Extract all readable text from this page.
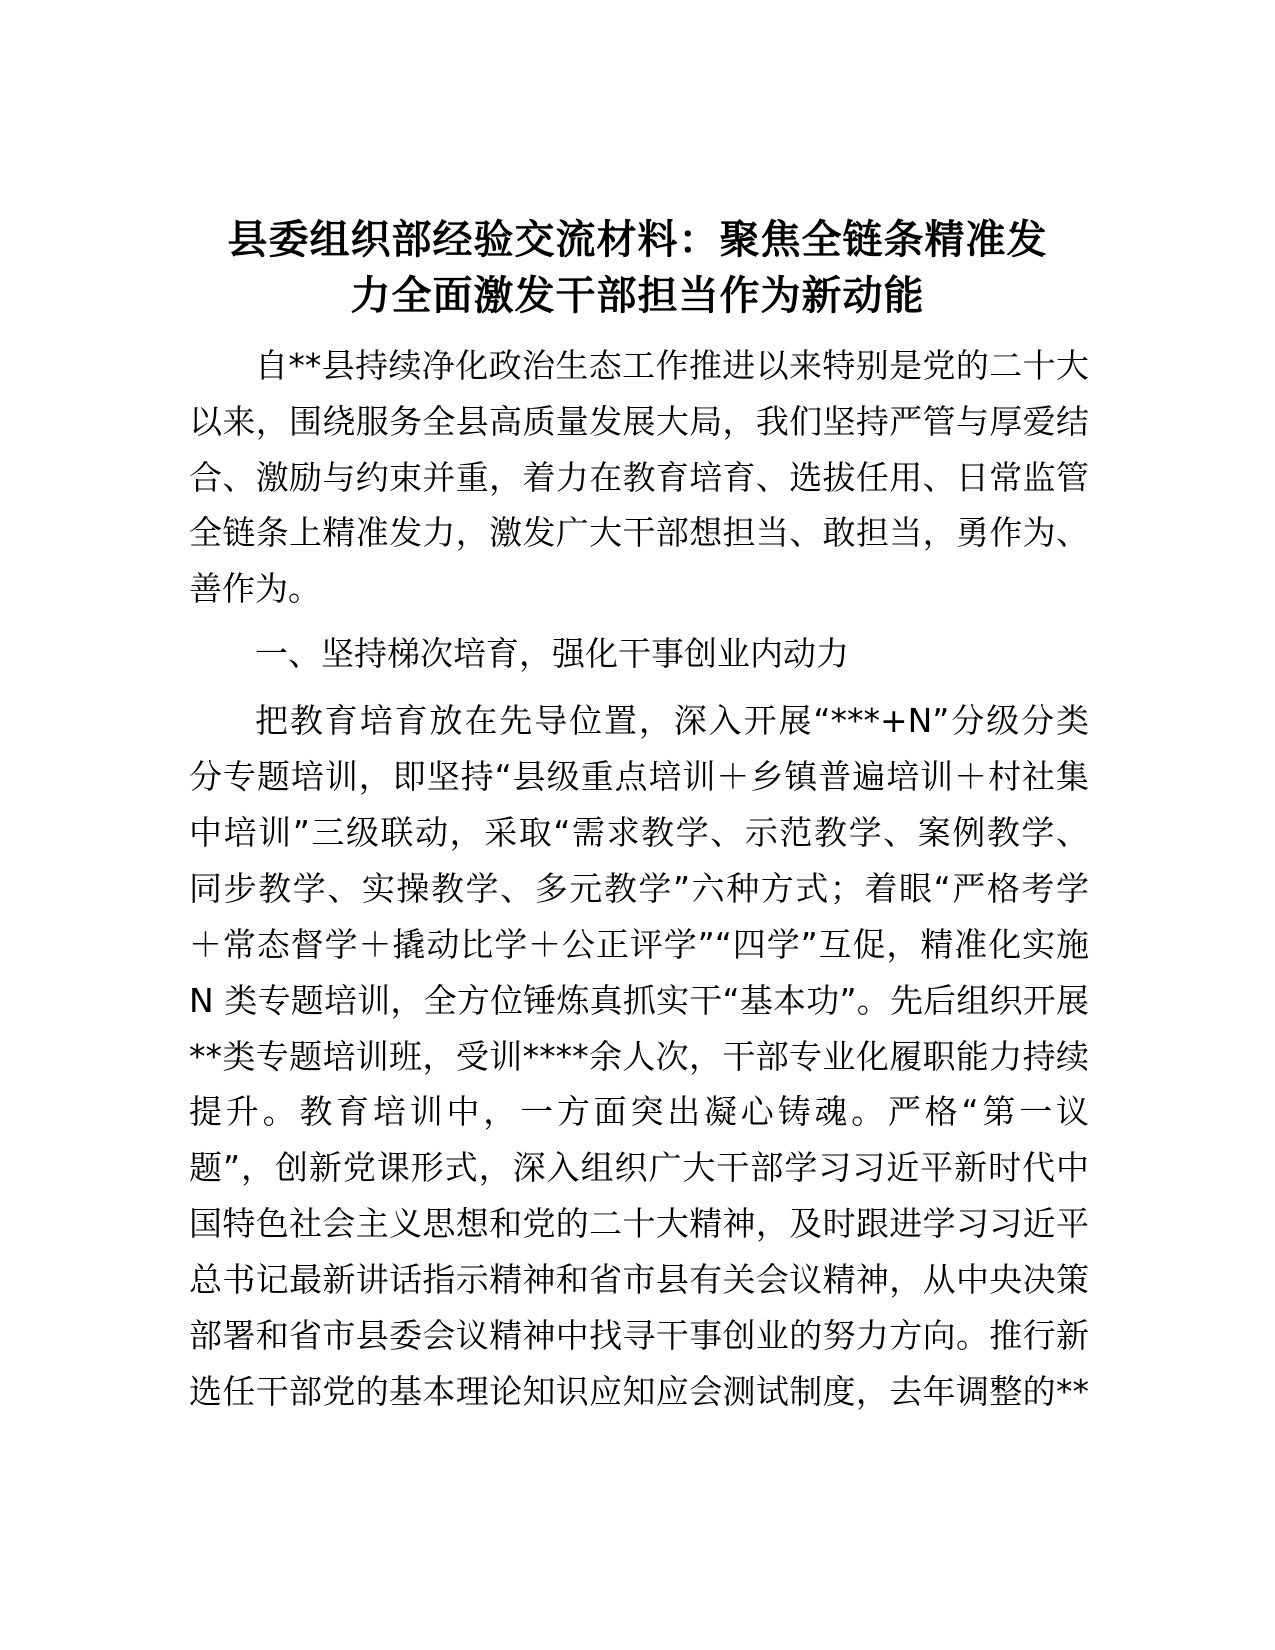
县委组织部经验交流材料：聚焦全链条精准发
力全面激发干部担当作为新动能
自**县持续净化政治生态工作推进以来特别是党的二十大
以来，围绕服务全县高质量发展大局，我们坚持严管与厚爱结
合、激励与约束并重，着力在教育培育、选拔任用、日常监管
全链条上精准发力，激发广大干部想担当、敢担当，勇作为、
善作为。
一、坚持梯次培育，强化干事创业内动力
把教育培育放在先导位置，深入开展“***+N”分级分类
分专题培训，即坚持“县级重点培训＋乡镇普遍培训＋村社集
中培训”三级联动，采取“需求教学、示范教学、案例教学、
同步教学、实操教学、多元教学”六种方式；着眼“严格考学
＋常态督学＋撬动比学＋公正评学”“四学”互促，精准化实施
N 类专题培训，全方位锤炼真抓实干“基本功”。先后组织开展
**类专题培训班，受训****余人次，干部专业化履职能力持续
提升。教育培训中，一方面突出凝心铸魂。严格“第一议
题”，创新党课形式，深入组织广大干部学习习近平新时代中
国特色社会主义思想和党的二十大精神，及时跟进学习习近平
总书记最新讲话指示精神和省市县有关会议精神，从中央决策
部署和省市县委会议精神中找寻干事创业的努力方向。推行新
选任干部党的基本理论知识应知应会测试制度，去年调整的**
